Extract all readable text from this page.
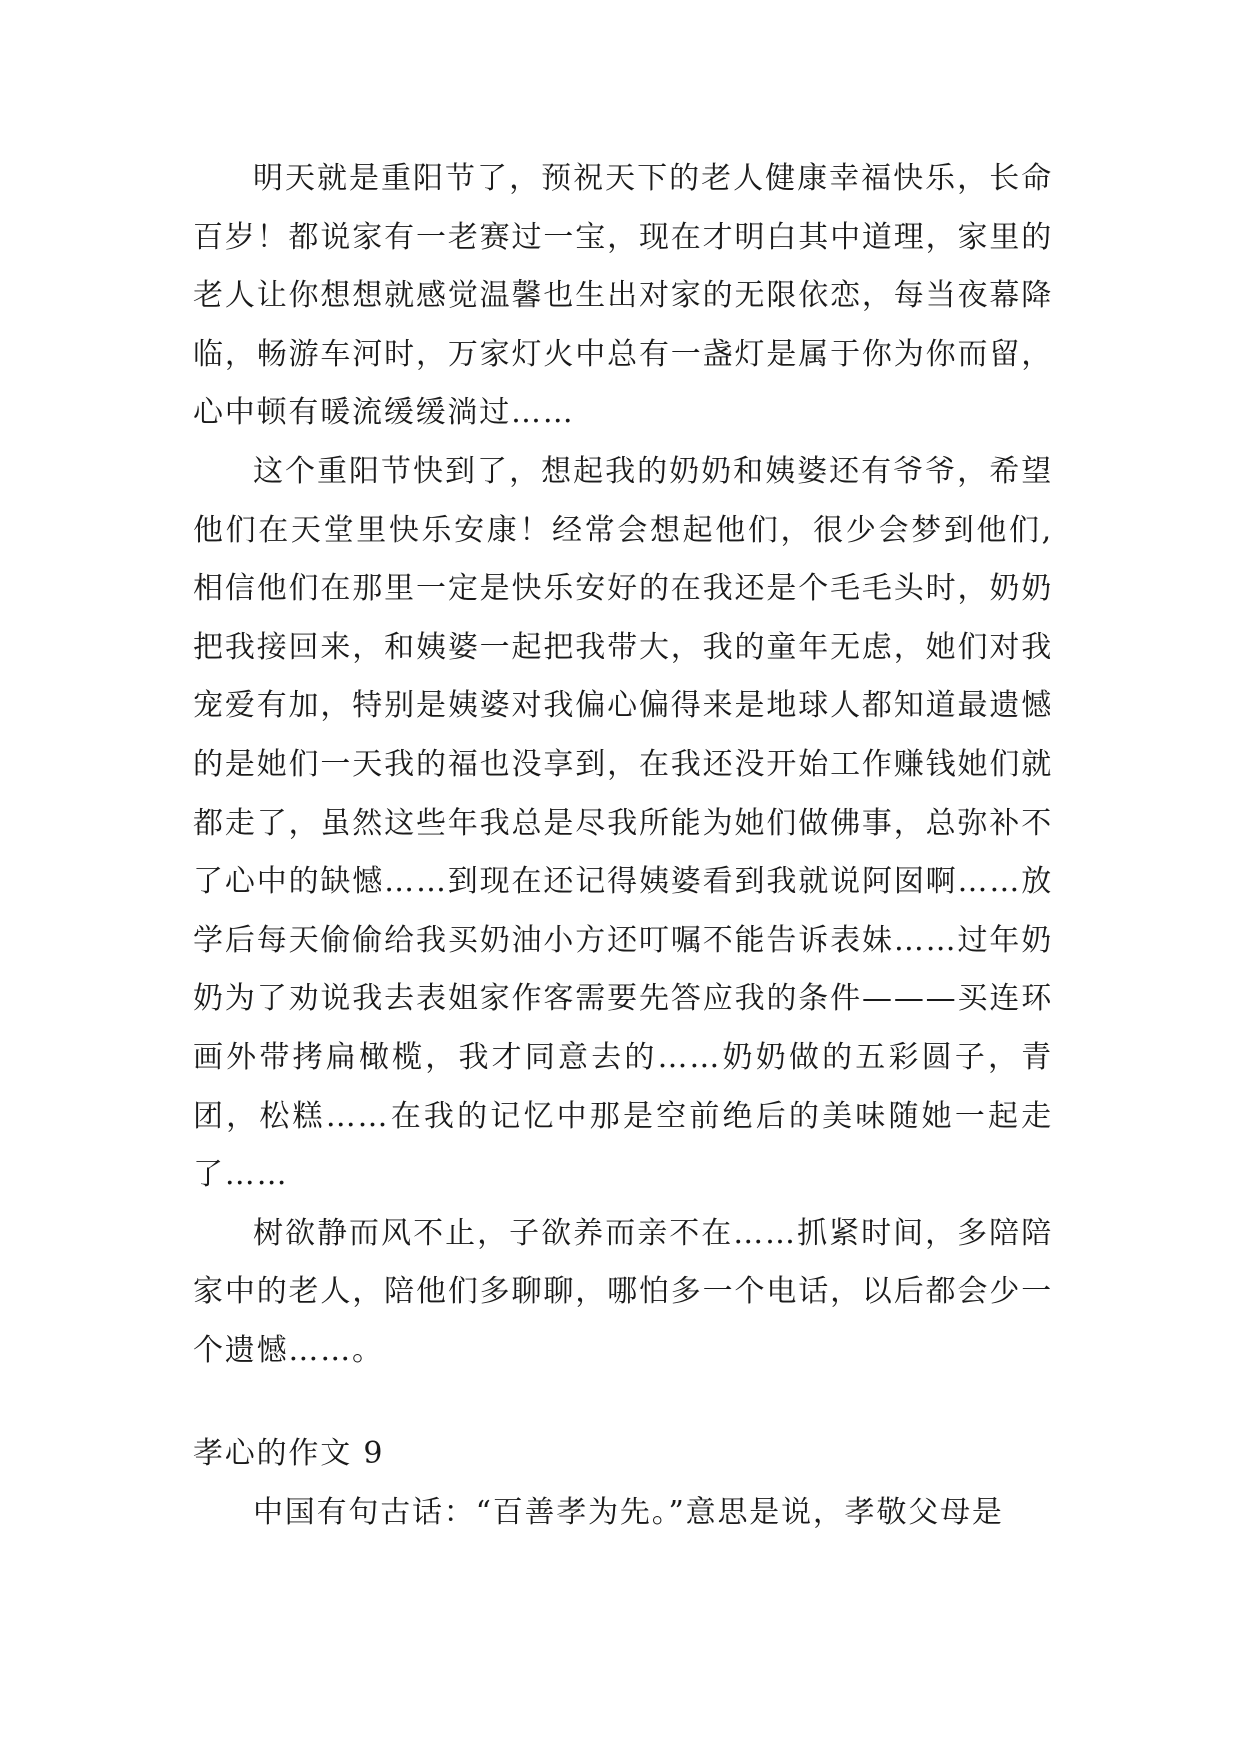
明天就是重阳节了，预祝天下的老人健康幸福快乐，长命百岁！都说家有一老赛过一宝，现在才明白其中道理，家里的老人让你想想就感觉温馨也生出对家的无限依恋，每当夜幕降临，畅游车河时，万家灯火中总有一盏灯是属于你为你而留，心中顿有暖流缓缓淌过……

这个重阳节快到了，想起我的奶奶和姨婆还有爷爷，希望他们在天堂里快乐安康！经常会想起他们，很少会梦到他们,相信他们在那里一定是快乐安好的在我还是个毛毛头时，奶奶把我接回来，和姨婆一起把我带大，我的童年无虑，她们对我宠爱有加，特别是姨婆对我偏心偏得来是地球人都知道最遗憾的是她们一天我的福也没享到，在我还没开始工作赚钱她们就都走了，虽然这些年我总是尽我所能为她们做佛事，总弥补不了心中的缺憾……到现在还记得姨婆看到我就说阿囡啊……放学后每天偷偷给我买奶油小方还叮嘱不能告诉表妹……过年奶奶为了劝说我去表姐家作客需要先答应我的条件———买连环画外带拷扁橄榄，我才同意去的……奶奶做的五彩圆子，青团，松糕……在我的记忆中那是空前绝后的美味随她一起走了……

树欲静而风不止，子欲养而亲不在……抓紧时间，多陪陪家中的老人，陪他们多聊聊，哪怕多一个电话，以后都会少一个遗憾……。

孝心的作文 9

中国有句古话：“百善孝为先。”意思是说，孝敬父母是
